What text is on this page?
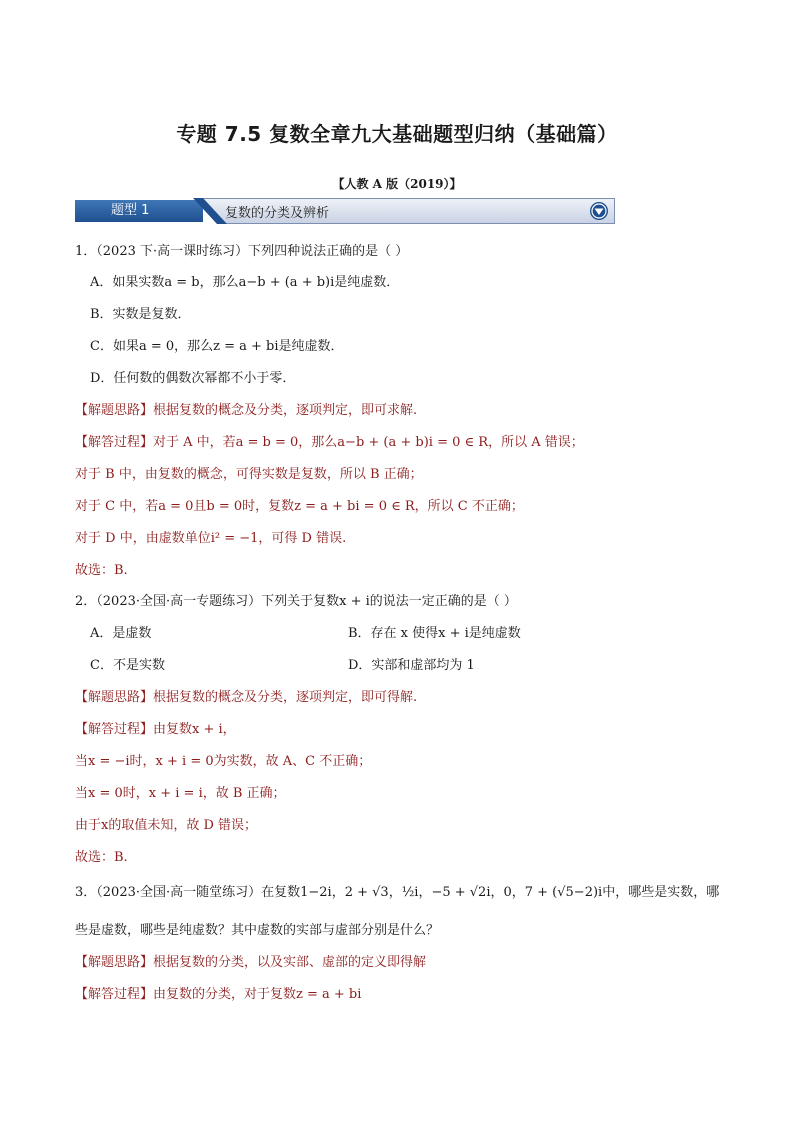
专题 7.5 复数全章九大基础题型归纳（基础篇）
【人教 A 版（2019）】
题型 1	复数的分类及辨析
1．（2023 下·高一课时练习）下列四种说法正确的是（ ）
A．如果实数a = b，那么a−b + (a + b)i是纯虚数．
B．实数是复数．
C．如果a = 0，那么z = a + bi是纯虚数．
D．任何数的偶数次幂都不小于零．
【解题思路】根据复数的概念及分类，逐项判定，即可求解.
【解答过程】对于 A 中，若a = b = 0，那么a−b + (a + b)i = 0 ∈ R，所以 A 错误；
对于 B 中，由复数的概念，可得实数是复数，所以 B 正确；
对于 C 中，若a = 0且b = 0时，复数z = a + bi = 0 ∈ R，所以 C 不正确；
对于 D 中，由虚数单位i² = −1，可得 D 错误.
故选：B.
2．（2023·全国·高一专题练习）下列关于复数x + i的说法一定正确的是（ ）
A．是虚数	B．存在 x 使得x + i是纯虚数
C．不是实数	D．实部和虚部均为 1
【解题思路】根据复数的概念及分类，逐项判定，即可得解.
【解答过程】由复数x + i，
当x = −i时，x + i = 0为实数，故 A、C 不正确；
当x = 0时，x + i = i，故 B 正确；
由于x的取值未知，故 D 错误；
故选：B.
3．（2023·全国·高一随堂练习）在复数1−2i，2 + √3，½i，−5 + √2i，0，7 + (√5−2)i中，哪些是实数，哪
些是虚数，哪些是纯虚数？其中虚数的实部与虚部分别是什么？
【解题思路】根据复数的分类，以及实部、虚部的定义即得解
【解答过程】由复数的分类，对于复数z = a + bi
